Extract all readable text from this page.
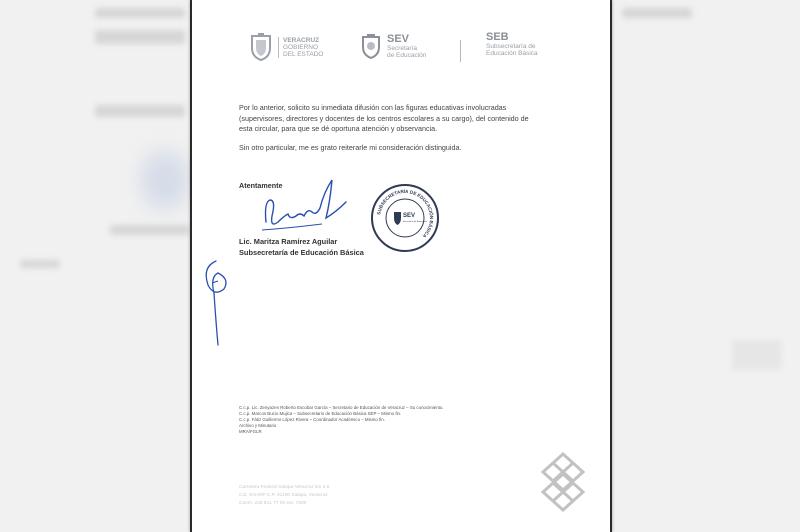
VERACRUZ
GOBIERNO
DEL ESTADO
SEV
Secretaría
de Educación
SEB
Subsecretaría de
Educación Básica

Por lo anterior, solicito su inmediata difusión con las figuras educativas involucradas (supervisores, directores y docentes de los centros escolares a su cargo), del contenido de esta circular, para que se dé oportuna atención y observancia.

Sin otro particular, me es grato reiterarle mi consideración distinguida.

Atentamente
Lic. Maritza Ramírez Aguilar
Subsecretaría de Educación Básica
SUBSECRETARÍA DE EDUCACIÓN BÁSICA
SEV
Secretaría de Educación
C.c.p. Lic. Zenyazen Roberto Escobar García – Secretario de Educación de Veracruz – Su conocimiento.
C.c.p. Marcos Bucio Mujica – Subsecretario de Educación Básica SEP – Mismo fin.
C.c.p. Fátiz Guillermo López Rivera – Coordinador Académico – Mismo fin.
Archivo y Minutario
MRA/FGLR
Carretera Federal Xalapa-Veracruz km 4.5
Col. SAHOP C.P. 91190 Xalapa, Veracruz
Conm. 228 841 77 00 ext. 7509
